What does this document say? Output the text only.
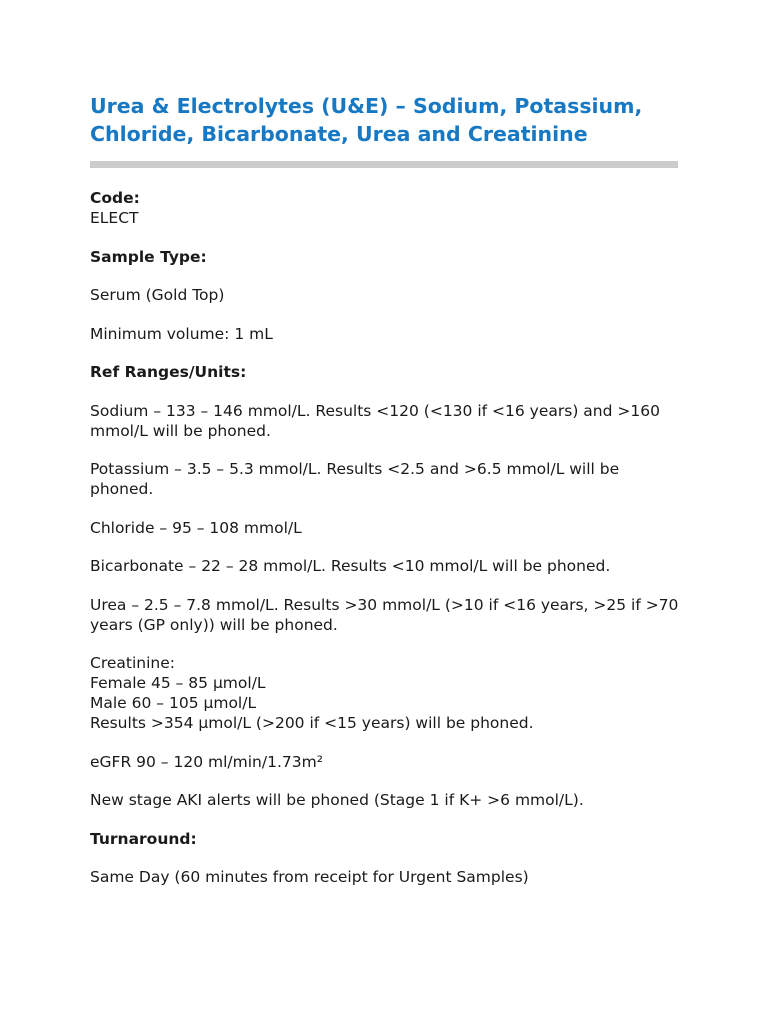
Urea & Electrolytes (U&E) – Sodium, Potassium, Chloride, Bicarbonate, Urea and Creatinine

Code:
ELECT

Sample Type:

Serum (Gold Top)

Minimum volume: 1 mL

Ref Ranges/Units:

Sodium – 133 – 146 mmol/L. Results <120 (<130 if <16 years) and >160 mmol/L will be phoned.

Potassium – 3.5 – 5.3 mmol/L. Results <2.5 and >6.5 mmol/L will be phoned.

Chloride – 95 – 108 mmol/L

Bicarbonate – 22 – 28 mmol/L. Results <10 mmol/L will be phoned.

Urea – 2.5 – 7.8 mmol/L. Results >30 mmol/L (>10 if <16 years, >25 if >70 years (GP only)) will be phoned.

Creatinine:
Female 45 – 85 µmol/L
Male 60 – 105 µmol/L
Results >354 µmol/L (>200 if <15 years) will be phoned.

eGFR 90 – 120 ml/min/1.73m²

New stage AKI alerts will be phoned (Stage 1 if K+ >6 mmol/L).

Turnaround:

Same Day (60 minutes from receipt for Urgent Samples)
